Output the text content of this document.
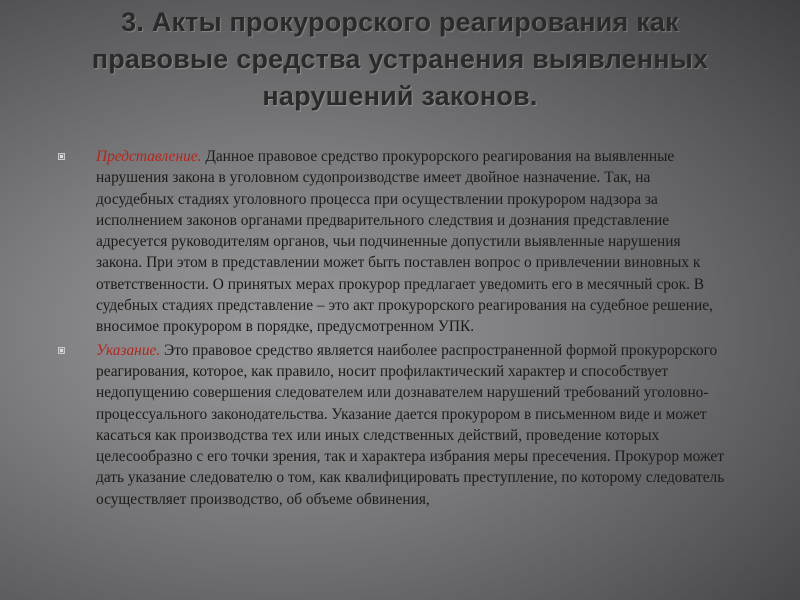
3. Акты прокурорского реагирования как
правовые средства устранения выявленных
нарушений законов.
Представление. Данное правовое средство прокурорского реагирования на выявленные нарушения закона в уголовном судопроизводстве имеет двойное назначение. Так, на досудебных стадиях уголовного процесса при осуществлении прокурором надзора за исполнением законов органами предварительного следствия и дознания представление адресуется руководителям органов, чьи подчиненные допустили выявленные нарушения закона. При этом в представлении может быть поставлен вопрос о привлечении виновных к ответственности. О принятых мерах прокурор предлагает уведомить его в месячный срок. В судебных стадиях представление – это акт прокурорского реагирования на судебное решение, вносимое прокурором в порядке, предусмотренном УПК.
Указание. Это правовое средство является наиболее распространенной формой прокурорского реагирования, которое, как правило, носит профилактический характер и способствует недопущению совершения следователем или дознавателем нарушений требований уголовно-процессуального законодательства. Указание дается прокурором в письменном виде и может касаться как производства тех или иных следственных действий, проведение которых целесообразно с его точки зрения, так и характера избрания меры пресечения. Прокурор может дать указание следователю о том, как квалифицировать преступление, по которому следователь осуществляет производство, об объеме обвинения,
